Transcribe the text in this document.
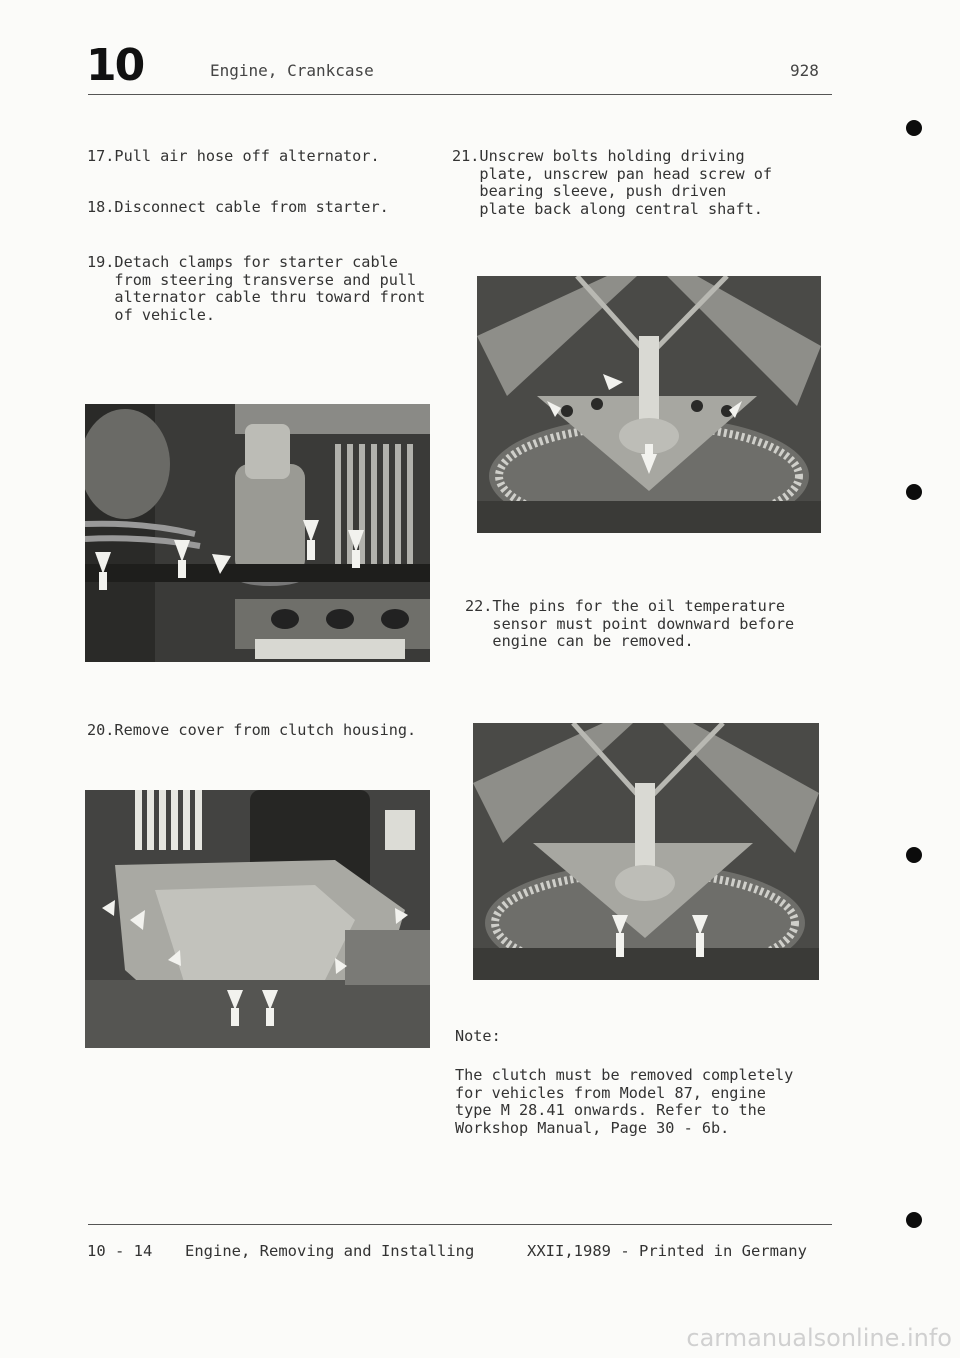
10	Engine, Crankcase	928
17.Pull air hose off alternator.
18.Disconnect cable from starter.
19.Detach clamps for starter cable
from steering transverse and pull
alternator cable thru toward front
of vehicle.
20.Remove cover from clutch housing.
21.Unscrew bolts holding driving
plate, unscrew pan head screw of
bearing sleeve, push driven
plate back along central shaft.
22.The pins for the oil temperature
sensor must point downward before
engine can be removed.
Note:
The clutch must be removed completely
for vehicles from Model 87, engine
type M 28.41 onwards. Refer to the
Workshop Manual, Page 30 - 6b.
10 - 14 Engine, Removing and Installing	XXII,1989 - Printed in Germany
carmanualsonline.info
